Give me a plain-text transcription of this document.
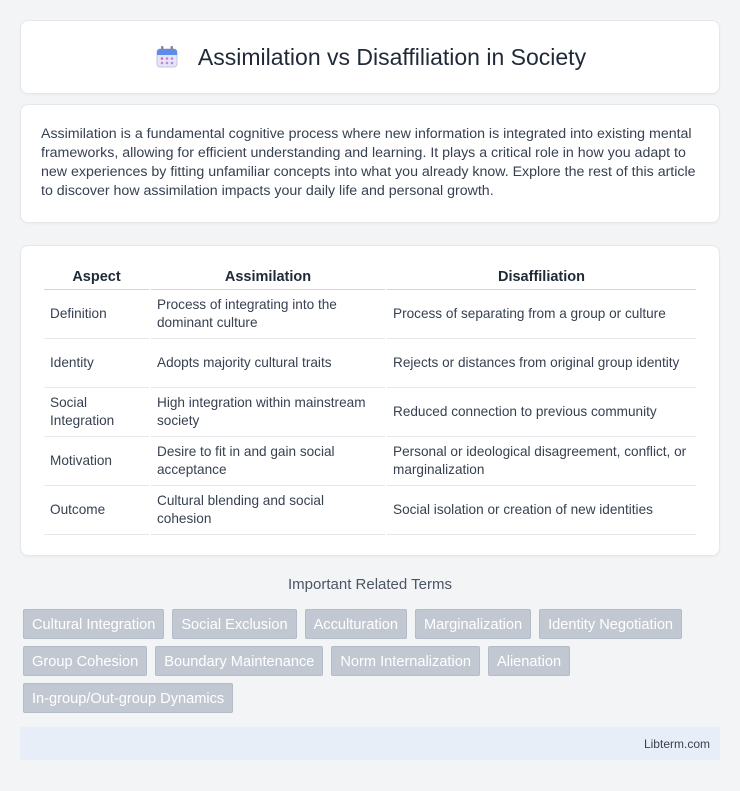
Assimilation vs Disaffiliation in Society

Assimilation is a fundamental cognitive process where new information is integrated into existing mental frameworks, allowing for efficient understanding and learning. It plays a critical role in how you adapt to new experiences by fitting unfamiliar concepts into what you already know. Explore the rest of this article to discover how assimilation impacts your daily life and personal growth.

Aspect	Assimilation	Disaffiliation
Definition	Process of integrating into the dominant culture	Process of separating from a group or culture
Identity	Adopts majority cultural traits	Rejects or distances from original group identity
Social Integration	High integration within mainstream society	Reduced connection to previous community
Motivation	Desire to fit in and gain social acceptance	Personal or ideological disagreement, conflict, or marginalization
Outcome	Cultural blending and social cohesion	Social isolation or creation of new identities
Important Related Terms
Cultural Integration	Social Exclusion	Acculturation	Marginalization	Identity Negotiation
Group Cohesion	Boundary Maintenance	Norm Internalization	Alienation
In-group/Out-group Dynamics
Libterm.com
